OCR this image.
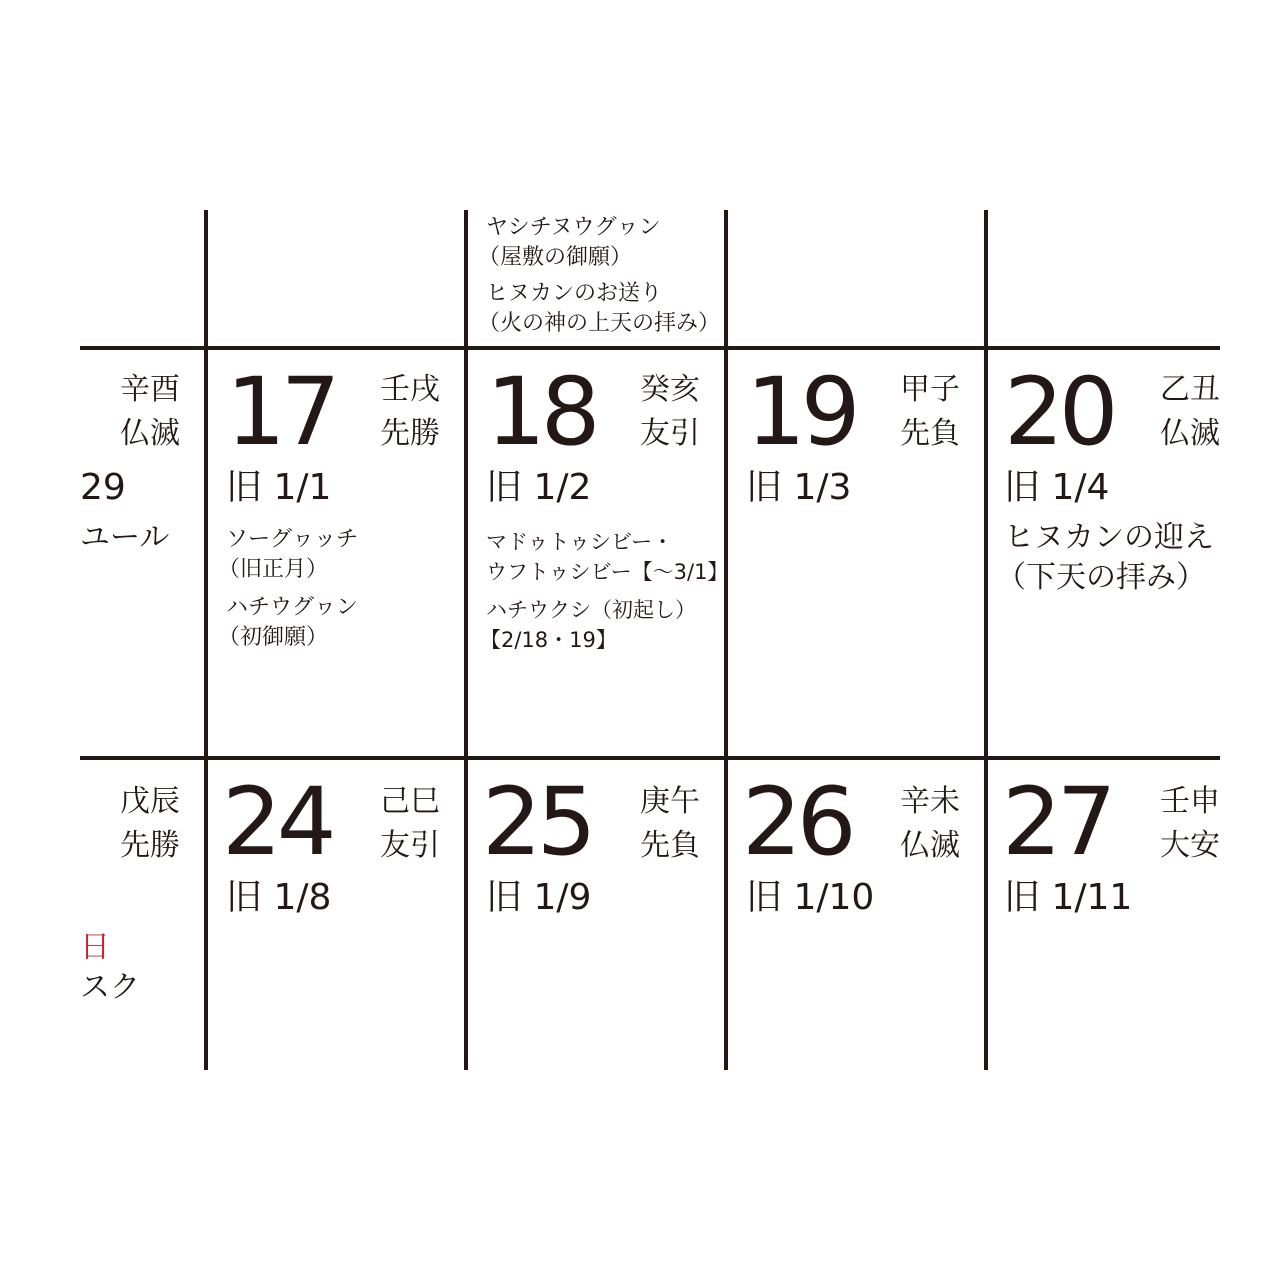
ヤシチヌウグヮン
（屋敷の御願）
ヒヌカンのお送り
（火の神の上天の拝み）
辛酉
仏滅
29
ユール
17 壬戌
先勝
旧 1/1
ソーグヮッチ
（旧正月）
ハチウグヮン
（初御願）
18 癸亥
友引
旧 1/2
マドゥトゥシビー・
ウフトゥシビー【〜3/1】
ハチウクシ（初起し）
【2/18・19】
19 甲子
先負
旧 1/3
20 乙丑
仏滅
旧 1/4
ヒヌカンの迎え
（下天の拝み）
戊辰
先勝
日
スク
24 己巳
友引
旧 1/8
25 庚午
先負
旧 1/9
26 辛未
仏滅
旧 1/10
27 壬申
大安
旧 1/11
